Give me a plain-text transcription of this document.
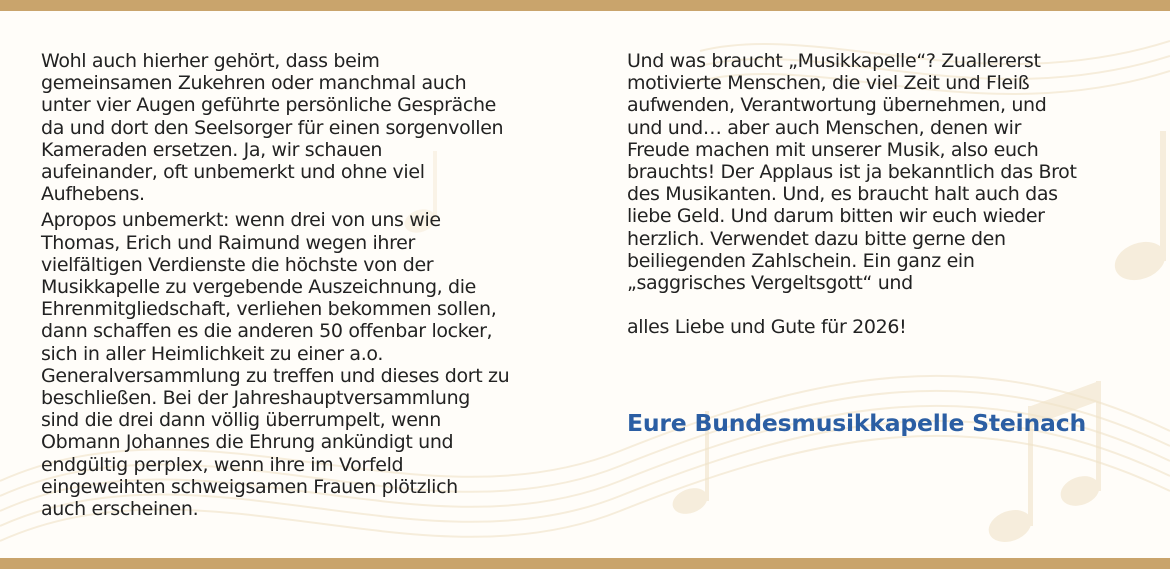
Wohl auch hierher gehört, dass beim
gemeinsamen Zukehren oder manchmal auch
unter vier Augen geführte persönliche Gespräche
da und dort den Seelsorger für einen sorgenvollen
Kameraden ersetzen. Ja, wir schauen
aufeinander, oft unbemerkt und ohne viel
Aufhebens.

Apropos unbemerkt: wenn drei von uns wie
Thomas, Erich und Raimund wegen ihrer
vielfältigen Verdienste die höchste von der
Musikkapelle zu vergebende Auszeichnung, die
Ehrenmitgliedschaft, verliehen bekommen sollen,
dann schaffen es die anderen 50 offenbar locker,
sich in aller Heimlichkeit zu einer a.o.
Generalversammlung zu treffen und dieses dort zu
beschließen. Bei der Jahreshauptversammlung
sind die drei dann völlig überrumpelt, wenn
Obmann Johannes die Ehrung ankündigt und
endgültig perplex, wenn ihre im Vorfeld
eingeweihten schweigsamen Frauen plötzlich
auch erscheinen.

Und was braucht „Musikkapelle“? Zuallererst
motivierte Menschen, die viel Zeit und Fleiß
aufwenden, Verantwortung übernehmen, und
und und… aber auch Menschen, denen wir
Freude machen mit unserer Musik, also euch
brauchts! Der Applaus ist ja bekanntlich das Brot
des Musikanten. Und, es braucht halt auch das
liebe Geld. Und darum bitten wir euch wieder
herzlich. Verwendet dazu bitte gerne den
beiliegenden Zahlschein. Ein ganz ein
„saggrisches Vergeltsgott“ und

alles Liebe und Gute für 2026!

Eure Bundesmusikkapelle Steinach
